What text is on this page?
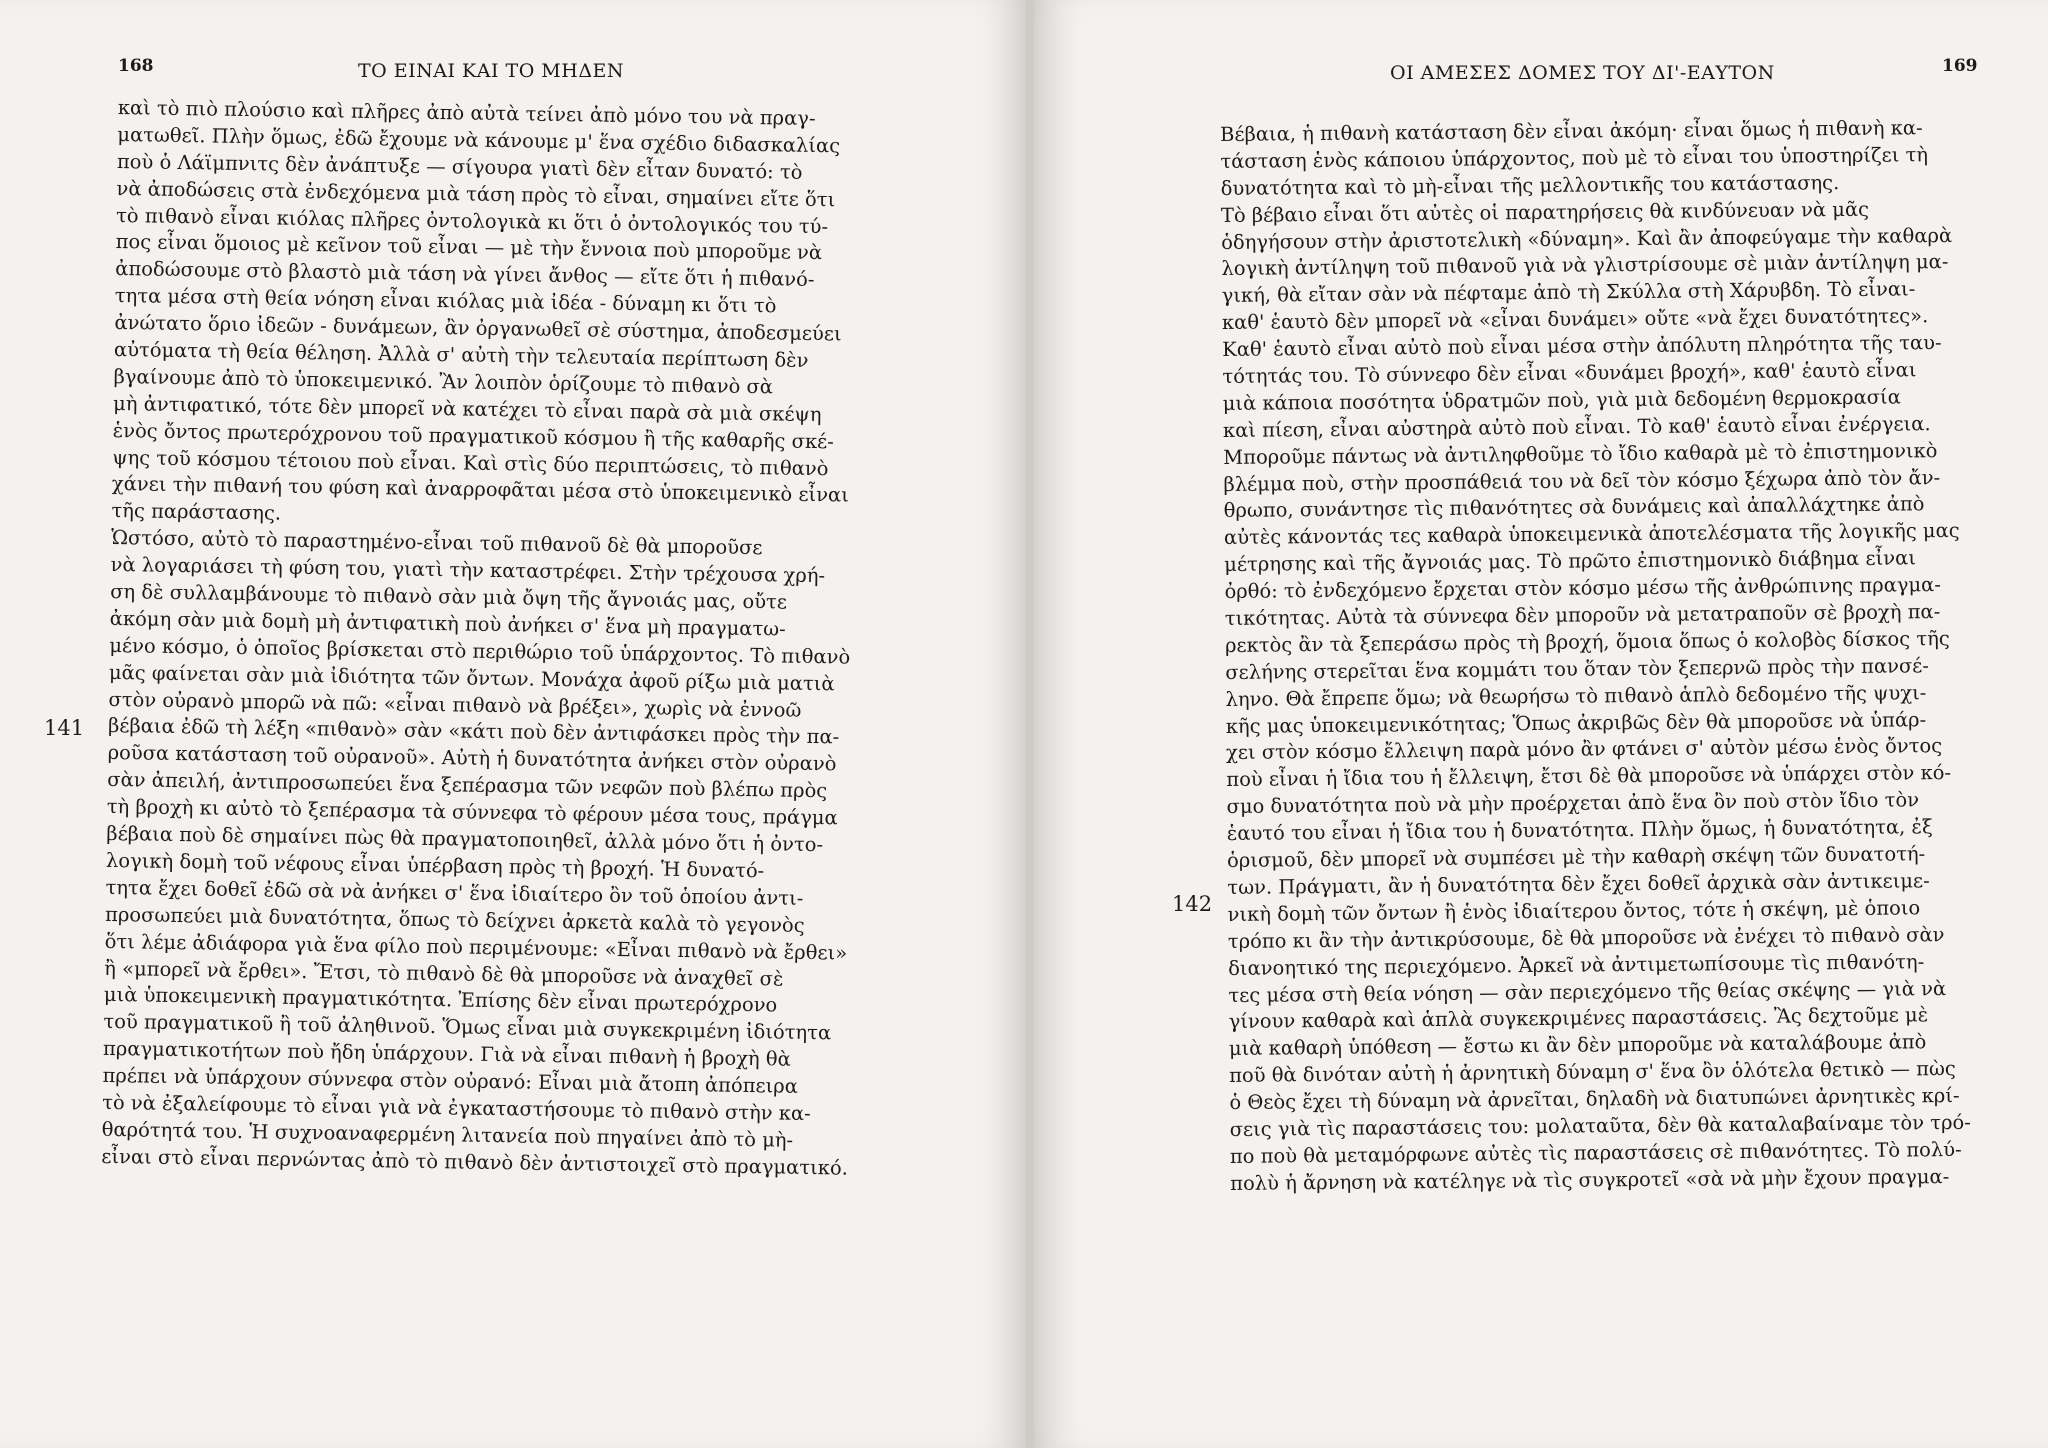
168	ΤΟ ΕΙΝΑΙ ΚΑΙ ΤΟ ΜΗΔΕΝ
141
καὶ τὸ πιὸ πλούσιο καὶ πλῆρες ἀπὸ αὐτὰ τείνει ἀπὸ μόνο του νὰ πραγ-
ματωθεῖ. Πλὴν ὅμως, ἐδῶ ἔχουμε νὰ κάνουμε μ' ἕνα σχέδιο διδασκαλίας
ποὺ ὁ Λάϊμπνιτς δὲν ἀνάπτυξε — σίγουρα γιατὶ δὲν εἶταν δυνατό: τὸ
νὰ ἀποδώσεις στὰ ἐνδεχόμενα μιὰ τάση πρὸς τὸ εἶναι, σημαίνει εἴτε ὅτι
τὸ πιθανὸ εἶναι κιόλας πλῆρες ὀντολογικὰ κι ὅτι ὁ ὀντολογικός του τύ-
πος εἶναι ὅμοιος μὲ κεῖνον τοῦ εἶναι — μὲ τὴν ἔννοια ποὺ μποροῦμε νὰ
ἀποδώσουμε στὸ βλαστὸ μιὰ τάση νὰ γίνει ἄνθος — εἴτε ὅτι ἡ πιθανό-
τητα μέσα στὴ θεία νόηση εἶναι κιόλας μιὰ ἰδέα - δύναμη κι ὅτι τὸ
ἀνώτατο ὅριο ἰδεῶν - δυνάμεων, ἂν ὀργανωθεῖ σὲ σύστημα, ἀποδεσμεύει
αὐτόματα τὴ θεία θέληση. Ἀλλὰ σ' αὐτὴ τὴν τελευταία περίπτωση δὲν
βγαίνουμε ἀπὸ τὸ ὑποκειμενικό. Ἂν λοιπὸν ὁρίζουμε τὸ πιθανὸ σὰ
μὴ ἀντιφατικό, τότε δὲν μπορεῖ νὰ κατέχει τὸ εἶναι παρὰ σὰ μιὰ σκέψη
ἑνὸς ὄντος πρωτερόχρονου τοῦ πραγματικοῦ κόσμου ἢ τῆς καθαρῆς σκέ-
ψης τοῦ κόσμου τέτοιου ποὺ εἶναι. Καὶ στὶς δύο περιπτώσεις, τὸ πιθανὸ
χάνει τὴν πιθανή του φύση καὶ ἀναρροφᾶται μέσα στὸ ὑποκειμενικὸ εἶναι
τῆς παράστασης.
Ὡστόσο, αὐτὸ τὸ παραστημένο-εἶναι τοῦ πιθανοῦ δὲ θὰ μποροῦσε
νὰ λογαριάσει τὴ φύση του, γιατὶ τὴν καταστρέφει. Στὴν τρέχουσα χρή-
ση δὲ συλλαμβάνουμε τὸ πιθανὸ σὰν μιὰ ὄψη τῆς ἄγνοιάς μας, οὔτε
ἀκόμη σὰν μιὰ δομὴ μὴ ἀντιφατικὴ ποὺ ἀνήκει σ' ἕνα μὴ πραγματω-
μένο κόσμο, ὁ ὁποῖος βρίσκεται στὸ περιθώριο τοῦ ὑπάρχοντος. Τὸ πιθανὸ
μᾶς φαίνεται σὰν μιὰ ἰδιότητα τῶν ὄντων. Μονάχα ἀφοῦ ρίξω μιὰ ματιὰ
στὸν οὐρανὸ μπορῶ νὰ πῶ: «εἶναι πιθανὸ νὰ βρέξει», χωρὶς νὰ ἐννοῶ
βέβαια ἐδῶ τὴ λέξη «πιθανὸ» σὰν «κάτι ποὺ δὲν ἀντιφάσκει πρὸς τὴν πα-
ροῦσα κατάσταση τοῦ οὐρανοῦ». Αὐτὴ ἡ δυνατότητα ἀνήκει στὸν οὐρανὸ
σὰν ἀπειλή, ἀντιπροσωπεύει ἕνα ξεπέρασμα τῶν νεφῶν ποὺ βλέπω πρὸς
τὴ βροχὴ κι αὐτὸ τὸ ξεπέρασμα τὰ σύννεφα τὸ φέρουν μέσα τους, πράγμα
βέβαια ποὺ δὲ σημαίνει πὼς θὰ πραγματοποιηθεῖ, ἀλλὰ μόνο ὅτι ἡ ὀντο-
λογικὴ δομὴ τοῦ νέφους εἶναι ὑπέρβαση πρὸς τὴ βροχή. Ἡ δυνατό-
τητα ἔχει δοθεῖ ἐδῶ σὰ νὰ ἀνήκει σ' ἕνα ἰδιαίτερο ὂν τοῦ ὁποίου ἀντι-
προσωπεύει μιὰ δυνατότητα, ὅπως τὸ δείχνει ἀρκετὰ καλὰ τὸ γεγονὸς
ὅτι λέμε ἀδιάφορα γιὰ ἕνα φίλο ποὺ περιμένουμε: «Εἶναι πιθανὸ νὰ ἔρθει»
ἢ «μπορεῖ νὰ ἔρθει». Ἔτσι, τὸ πιθανὸ δὲ θὰ μποροῦσε νὰ ἀναχθεῖ σὲ
μιὰ ὑποκειμενικὴ πραγματικότητα. Ἐπίσης δὲν εἶναι πρωτερόχρονο
τοῦ πραγματικοῦ ἢ τοῦ ἀληθινοῦ. Ὅμως εἶναι μιὰ συγκεκριμένη ἰδιότητα
πραγματικοτήτων ποὺ ἤδη ὑπάρχουν. Γιὰ νὰ εἶναι πιθανὴ ἡ βροχὴ θὰ
πρέπει νὰ ὑπάρχουν σύννεφα στὸν οὐρανό: Εἶναι μιὰ ἄτοπη ἀπόπειρα
τὸ νὰ ἐξαλείφουμε τὸ εἶναι γιὰ νὰ ἐγκαταστήσουμε τὸ πιθανὸ στὴν κα-
θαρότητά του. Ἡ συχνοαναφερμένη λιτανεία ποὺ πηγαίνει ἀπὸ τὸ μὴ-
εἶναι στὸ εἶναι περνώντας ἀπὸ τὸ πιθανὸ δὲν ἀντιστοιχεῖ στὸ πραγματικό.
ΟΙ ΑΜΕΣΕΣ ΔΟΜΕΣ ΤΟΥ ΔΙ'-ΕΑΥΤΟΝ	169
142
Βέβαια, ἡ πιθανὴ κατάσταση δὲν εἶναι ἀκόμη· εἶναι ὅμως ἡ πιθανὴ κα-
τάσταση ἑνὸς κάποιου ὑπάρχοντος, ποὺ μὲ τὸ εἶναι του ὑποστηρίζει τὴ
δυνατότητα καὶ τὸ μὴ-εἶναι τῆς μελλοντικῆς του κατάστασης.
Τὸ βέβαιο εἶναι ὅτι αὐτὲς οἱ παρατηρήσεις θὰ κινδύνευαν νὰ μᾶς
ὁδηγήσουν στὴν ἀριστοτελικὴ «δύναμη». Καὶ ἂν ἀποφεύγαμε τὴν καθαρὰ
λογικὴ ἀντίληψη τοῦ πιθανοῦ γιὰ νὰ γλιστρίσουμε σὲ μιὰν ἀντίληψη μα-
γική, θὰ εἴταν σὰν νὰ πέφταμε ἀπὸ τὴ Σκύλλα στὴ Χάρυβδη. Τὸ εἶναι-
καθ' ἑαυτὸ δὲν μπορεῖ νὰ «εἶναι δυνάμει» οὔτε «νὰ ἔχει δυνατότητες».
Καθ' ἑαυτὸ εἶναι αὐτὸ ποὺ εἶναι μέσα στὴν ἀπόλυτη πληρότητα τῆς ταυ-
τότητάς του. Τὸ σύννεφο δὲν εἶναι «δυνάμει βροχή», καθ' ἑαυτὸ εἶναι
μιὰ κάποια ποσότητα ὑδρατμῶν ποὺ, γιὰ μιὰ δεδομένη θερμοκρασία
καὶ πίεση, εἶναι αὐστηρὰ αὐτὸ ποὺ εἶναι. Τὸ καθ' ἑαυτὸ εἶναι ἐνέργεια.
Μποροῦμε πάντως νὰ ἀντιληφθοῦμε τὸ ἴδιο καθαρὰ μὲ τὸ ἐπιστημονικὸ
βλέμμα ποὺ, στὴν προσπάθειά του νὰ δεῖ τὸν κόσμο ξέχωρα ἀπὸ τὸν ἄν-
θρωπο, συνάντησε τὶς πιθανότητες σὰ δυνάμεις καὶ ἀπαλλάχτηκε ἀπὸ
αὐτὲς κάνοντάς τες καθαρὰ ὑποκειμενικὰ ἀποτελέσματα τῆς λογικῆς μας
μέτρησης καὶ τῆς ἄγνοιάς μας. Τὸ πρῶτο ἐπιστημονικὸ διάβημα εἶναι
ὀρθό: τὸ ἐνδεχόμενο ἔρχεται στὸν κόσμο μέσω τῆς ἀνθρώπινης πραγμα-
τικότητας. Αὐτὰ τὰ σύννεφα δὲν μποροῦν νὰ μετατραποῦν σὲ βροχὴ πα-
ρεκτὸς ἂν τὰ ξεπεράσω πρὸς τὴ βροχή, ὅμοια ὅπως ὁ κολοβὸς δίσκος τῆς
σελήνης στερεῖται ἕνα κομμάτι του ὅταν τὸν ξεπερνῶ πρὸς τὴν πανσέ-
ληνο. Θὰ ἔπρεπε ὅμω; νὰ θεωρήσω τὸ πιθανὸ ἁπλὸ δεδομένο τῆς ψυχι-
κῆς μας ὑποκειμενικότητας; Ὅπως ἀκριβῶς δὲν θὰ μποροῦσε νὰ ὑπάρ-
χει στὸν κόσμο ἔλλειψη παρὰ μόνο ἂν φτάνει σ' αὐτὸν μέσω ἑνὸς ὄντος
ποὺ εἶναι ἡ ἴδια του ἡ ἔλλειψη, ἔτσι δὲ θὰ μποροῦσε νὰ ὑπάρχει στὸν κό-
σμο δυνατότητα ποὺ νὰ μὴν προέρχεται ἀπὸ ἕνα ὂν ποὺ στὸν ἴδιο τὸν
ἑαυτό του εἶναι ἡ ἴδια του ἡ δυνατότητα. Πλὴν ὅμως, ἡ δυνατότητα, ἐξ
ὁρισμοῦ, δὲν μπορεῖ νὰ συμπέσει μὲ τὴν καθαρὴ σκέψη τῶν δυνατοτή-
των. Πράγματι, ἂν ἡ δυνατότητα δὲν ἔχει δοθεῖ ἀρχικὰ σὰν ἀντικειμε-
νικὴ δομὴ τῶν ὄντων ἢ ἑνὸς ἰδιαίτερου ὄντος, τότε ἡ σκέψη, μὲ ὁποιο
τρόπο κι ἂν τὴν ἀντικρύσουμε, δὲ θὰ μποροῦσε νὰ ἐνέχει τὸ πιθανὸ σὰν
διανοητικό της περιεχόμενο. Ἀρκεῖ νὰ ἀντιμετωπίσουμε τὶς πιθανότη-
τες μέσα στὴ θεία νόηση — σὰν περιεχόμενο τῆς θείας σκέψης — γιὰ νὰ
γίνουν καθαρὰ καὶ ἁπλὰ συγκεκριμένες παραστάσεις. Ἂς δεχτοῦμε μὲ
μιὰ καθαρὴ ὑπόθεση — ἔστω κι ἂν δὲν μποροῦμε νὰ καταλάβουμε ἀπὸ
ποῦ θὰ δινόταν αὐτὴ ἡ ἀρνητικὴ δύναμη σ' ἕνα ὂν ὁλότελα θετικὸ — πὼς
ὁ Θεὸς ἔχει τὴ δύναμη νὰ ἀρνεῖται, δηλαδὴ νὰ διατυπώνει ἀρνητικὲς κρί-
σεις γιὰ τὶς παραστάσεις του: μολαταῦτα, δὲν θὰ καταλαβαίναμε τὸν τρό-
πο ποὺ θὰ μεταμόρφωνε αὐτὲς τὶς παραστάσεις σὲ πιθανότητες. Τὸ πολύ-
πολὺ ἡ ἄρνηση νὰ κατέληγε νὰ τὶς συγκροτεῖ «σὰ νὰ μὴν ἔχουν πραγμα-
